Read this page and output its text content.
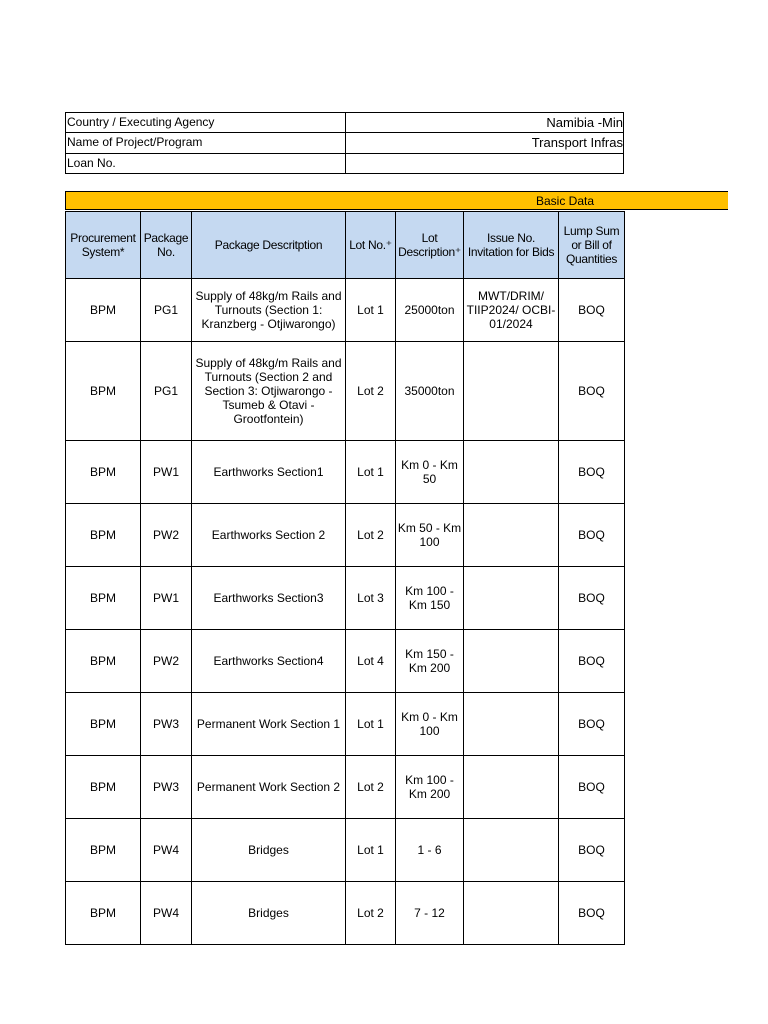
Country / Executing Agency	Namibia -Min
Name of Project/Program	Transport Infras
Loan No.	
Basic Data
Procurement System*	Package No.	Package Descritption	Lot No.⁺	Lot Description⁺	Issue No. Invitation for Bids	Lump Sum or Bill of Quantities
BPM	PG1	Supply of 48kg/m Rails and Turnouts (Section 1: Kranzberg - Otjiwarongo)	Lot 1	25000ton	MWT/DRIM/ TIIP2024/ OCBI-01/2024	BOQ
BPM	PG1	Supply of 48kg/m Rails and Turnouts (Section 2 and Section 3: Otjiwarongo - Tsumeb & Otavi - Grootfontein)	Lot 2	35000ton		BOQ
BPM	PW1	Earthworks Section1	Lot 1	Km 0 - Km 50		BOQ
BPM	PW2	Earthworks Section 2	Lot 2	Km 50 - Km 100		BOQ
BPM	PW1	Earthworks Section3	Lot 3	Km 100 - Km 150		BOQ
BPM	PW2	Earthworks Section4	Lot 4	Km 150 - Km 200		BOQ
BPM	PW3	Permanent Work Section 1	Lot 1	Km 0 - Km 100		BOQ
BPM	PW3	Permanent Work Section 2	Lot 2	Km 100 - Km 200		BOQ
BPM	PW4	Bridges	Lot 1	1 - 6		BOQ
BPM	PW4	Bridges	Lot 2	7 - 12		BOQ
